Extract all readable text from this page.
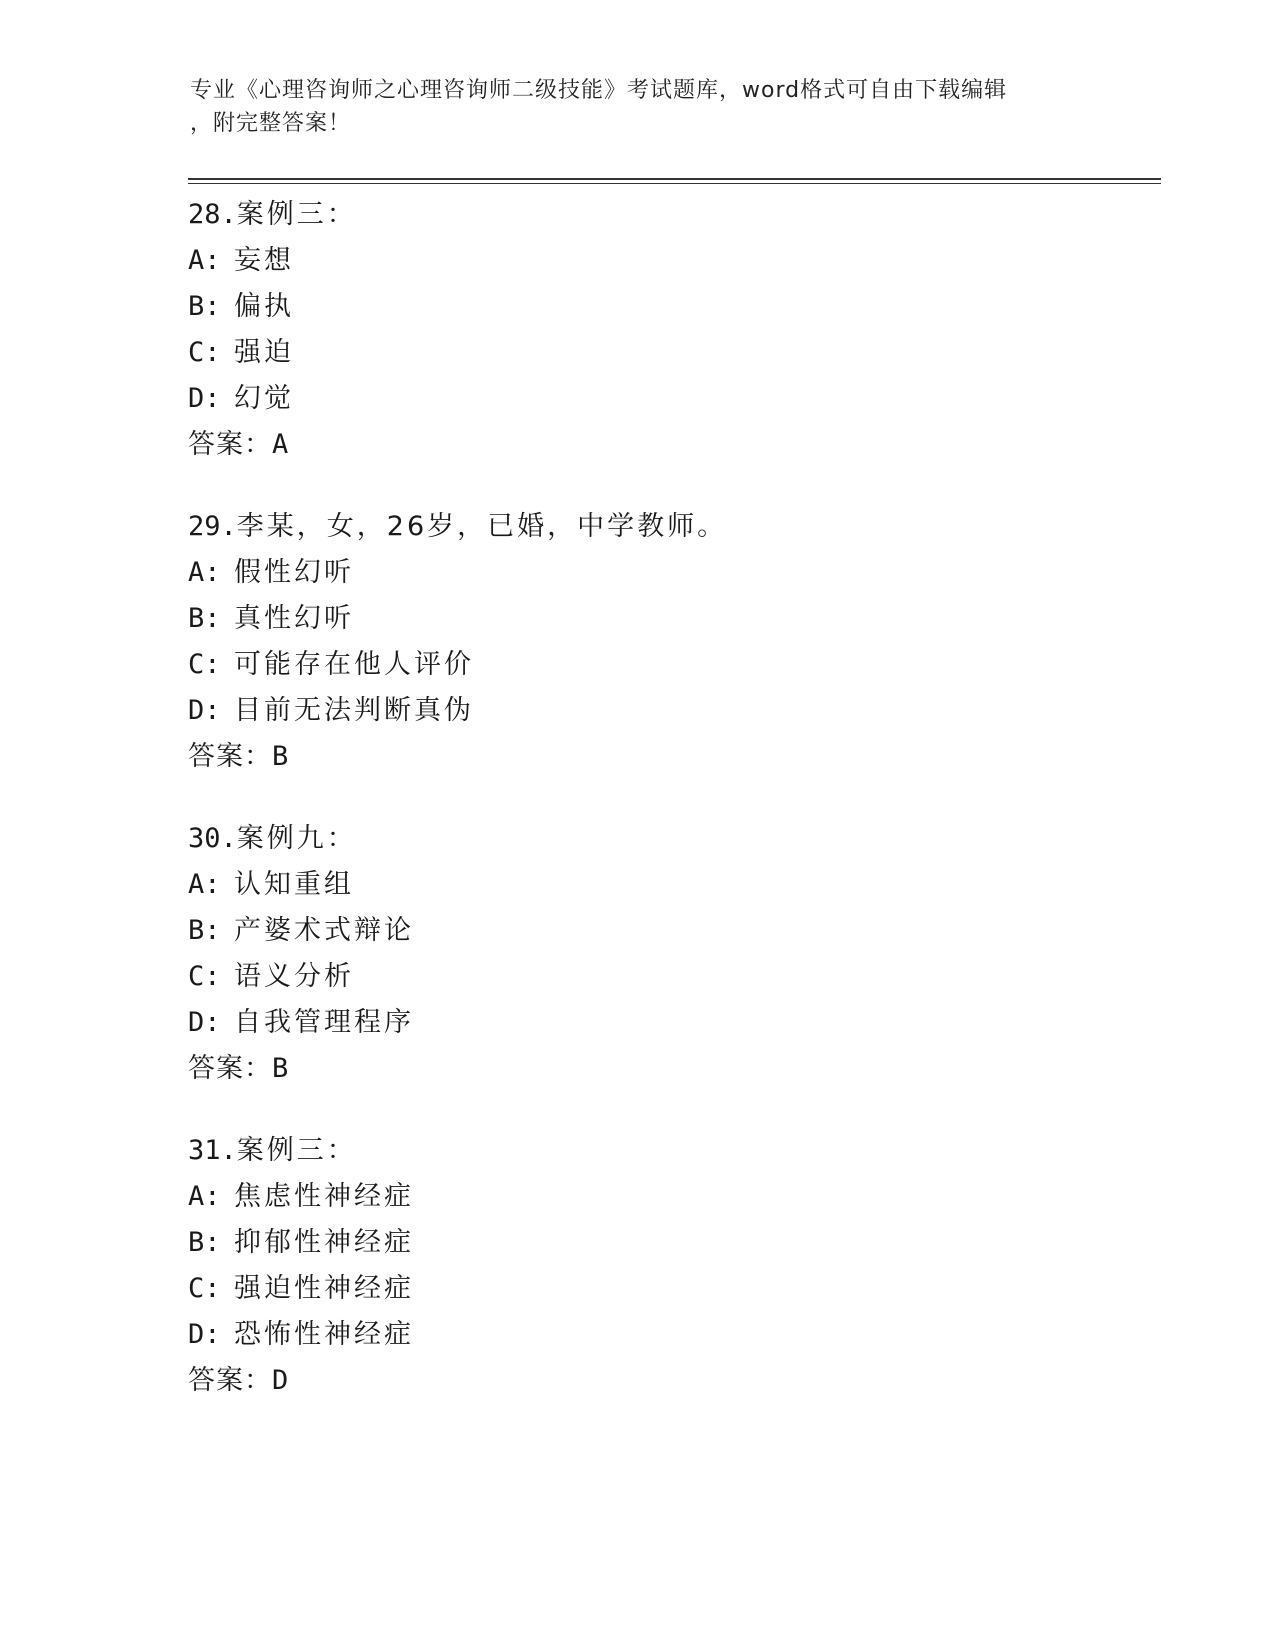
专业《心理咨询师之心理咨询师二级技能》考试题库，word格式可自由下载编辑
，附完整答案！
28.案例三：
A: 妄想
B: 偏执
C: 强迫
D: 幻觉
答案：A
29.李某，女，26岁，已婚，中学教师。
A: 假性幻听
B: 真性幻听
C: 可能存在他人评价
D: 目前无法判断真伪
答案：B
30.案例九：
A: 认知重组
B: 产婆术式辩论
C: 语义分析
D: 自我管理程序
答案：B
31.案例三：
A: 焦虑性神经症
B: 抑郁性神经症
C: 强迫性神经症
D: 恐怖性神经症
答案：D
